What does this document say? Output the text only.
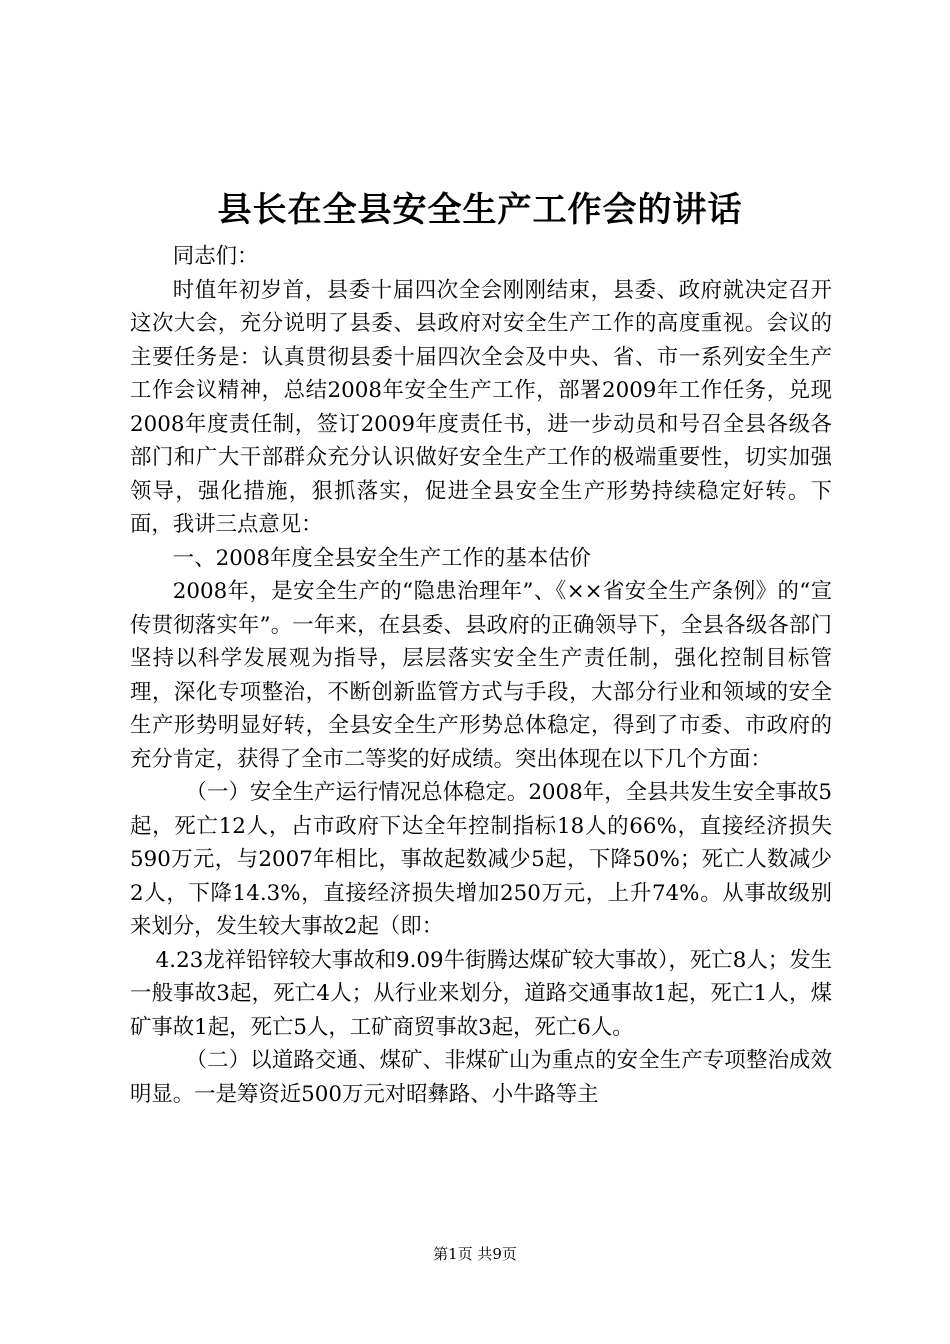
县长在全县安全生产工作会的讲话

同志们：

时值年初岁首，县委十届四次全会刚刚结束，县委、政府就决定召开这次大会，充分说明了县委、县政府对安全生产工作的高度重视。会议的主要任务是：认真贯彻县委十届四次全会及中央、省、市一系列安全生产工作会议精神，总结2008年安全生产工作，部署2009年工作任务，兑现2008年度责任制，签订2009年度责任书，进一步动员和号召全县各级各部门和广大干部群众充分认识做好安全生产工作的极端重要性，切实加强领导，强化措施，狠抓落实，促进全县安全生产形势持续稳定好转。下面，我讲三点意见：

一、2008年度全县安全生产工作的基本估价

2008年，是安全生产的“隐患治理年”、《××省安全生产条例》的“宣传贯彻落实年”。一年来，在县委、县政府的正确领导下，全县各级各部门坚持以科学发展观为指导，层层落实安全生产责任制，强化控制目标管理，深化专项整治，不断创新监管方式与手段，大部分行业和领域的安全生产形势明显好转，全县安全生产形势总体稳定，得到了市委、市政府的充分肯定，获得了全市二等奖的好成绩。突出体现在以下几个方面：

（一）安全生产运行情况总体稳定。2008年，全县共发生安全事故5起，死亡12人，占市政府下达全年控制指标18人的66%，直接经济损失590万元，与2007年相比，事故起数减少5起，下降50%；死亡人数减少2人，下降14.3%，直接经济损失增加250万元，上升74%。从事故级别来划分，发生较大事故2起（即：

4.23龙祥铅锌较大事故和9.09牛街腾达煤矿较大事故），死亡8人；发生一般事故3起，死亡4人；从行业来划分，道路交通事故1起，死亡1人，煤矿事故1起，死亡5人，工矿商贸事故3起，死亡6人。

（二）以道路交通、煤矿、非煤矿山为重点的安全生产专项整治成效明显。一是筹资近500万元对昭彝路、小牛路等主

第1页 共9页
